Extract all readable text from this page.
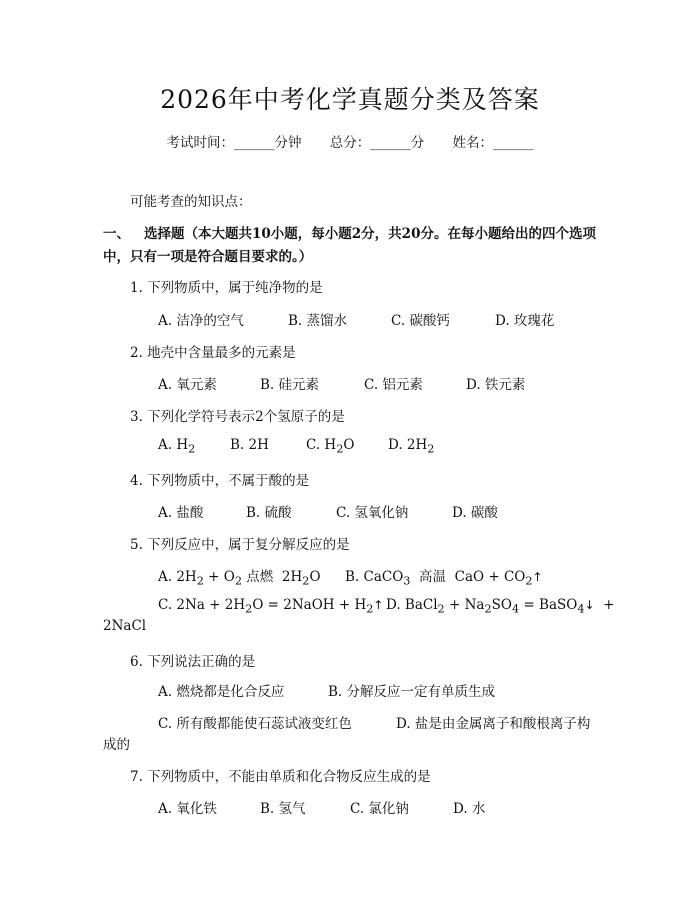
2026年中考化学真题分类及答案
考试时间：______分钟 总分：______分 姓名：______
可能考查的知识点：
一、 选择题（本大题共10小题，每小题2分，共20分。在每小题给出的四个选项中，只有一项是符合题目要求的。）
1. 下列物质中，属于纯净物的是
A. 洁净的空气	B. 蒸馏水	C. 碳酸钙	D. 玫瑰花
2. 地壳中含量最多的元素是
A. 氧元素	B. 硅元素	C. 铝元素	D. 铁元素
3. 下列化学符号表示2个氢原子的是
A. $H_2$	B. 2H	C. $H_2O$ D. $2H_2$
4. 下列物质中，不属于酸的是
A. 盐酸	B. 硫酸	C. 氢氧化钠	D. 碳酸
5. 下列反应中，属于复分解反应的是
A. $2H_2 + O_2$ 点燃  $2H_2O$ B. CaCO$_3$  高温  CaO + $CO_2↑$
C. $2Na + 2H_2O$ = 2NaOH + $H_2↑$ D. BaCl$_2$ + $Na_2SO_4$ = BaSO$_4$↓  +
2NaCl
6. 下列说法正确的是
A. 燃烧都是化合反应	B. 分解反应一定有单质生成
C. 所有酸都能使石蕊试液变红色	D. 盐是由金属离子和酸根离子构
成的
7. 下列物质中，不能由单质和化合物反应生成的是
A. 氧化铁	B. 氢气	C. 氯化钠	D. 水
